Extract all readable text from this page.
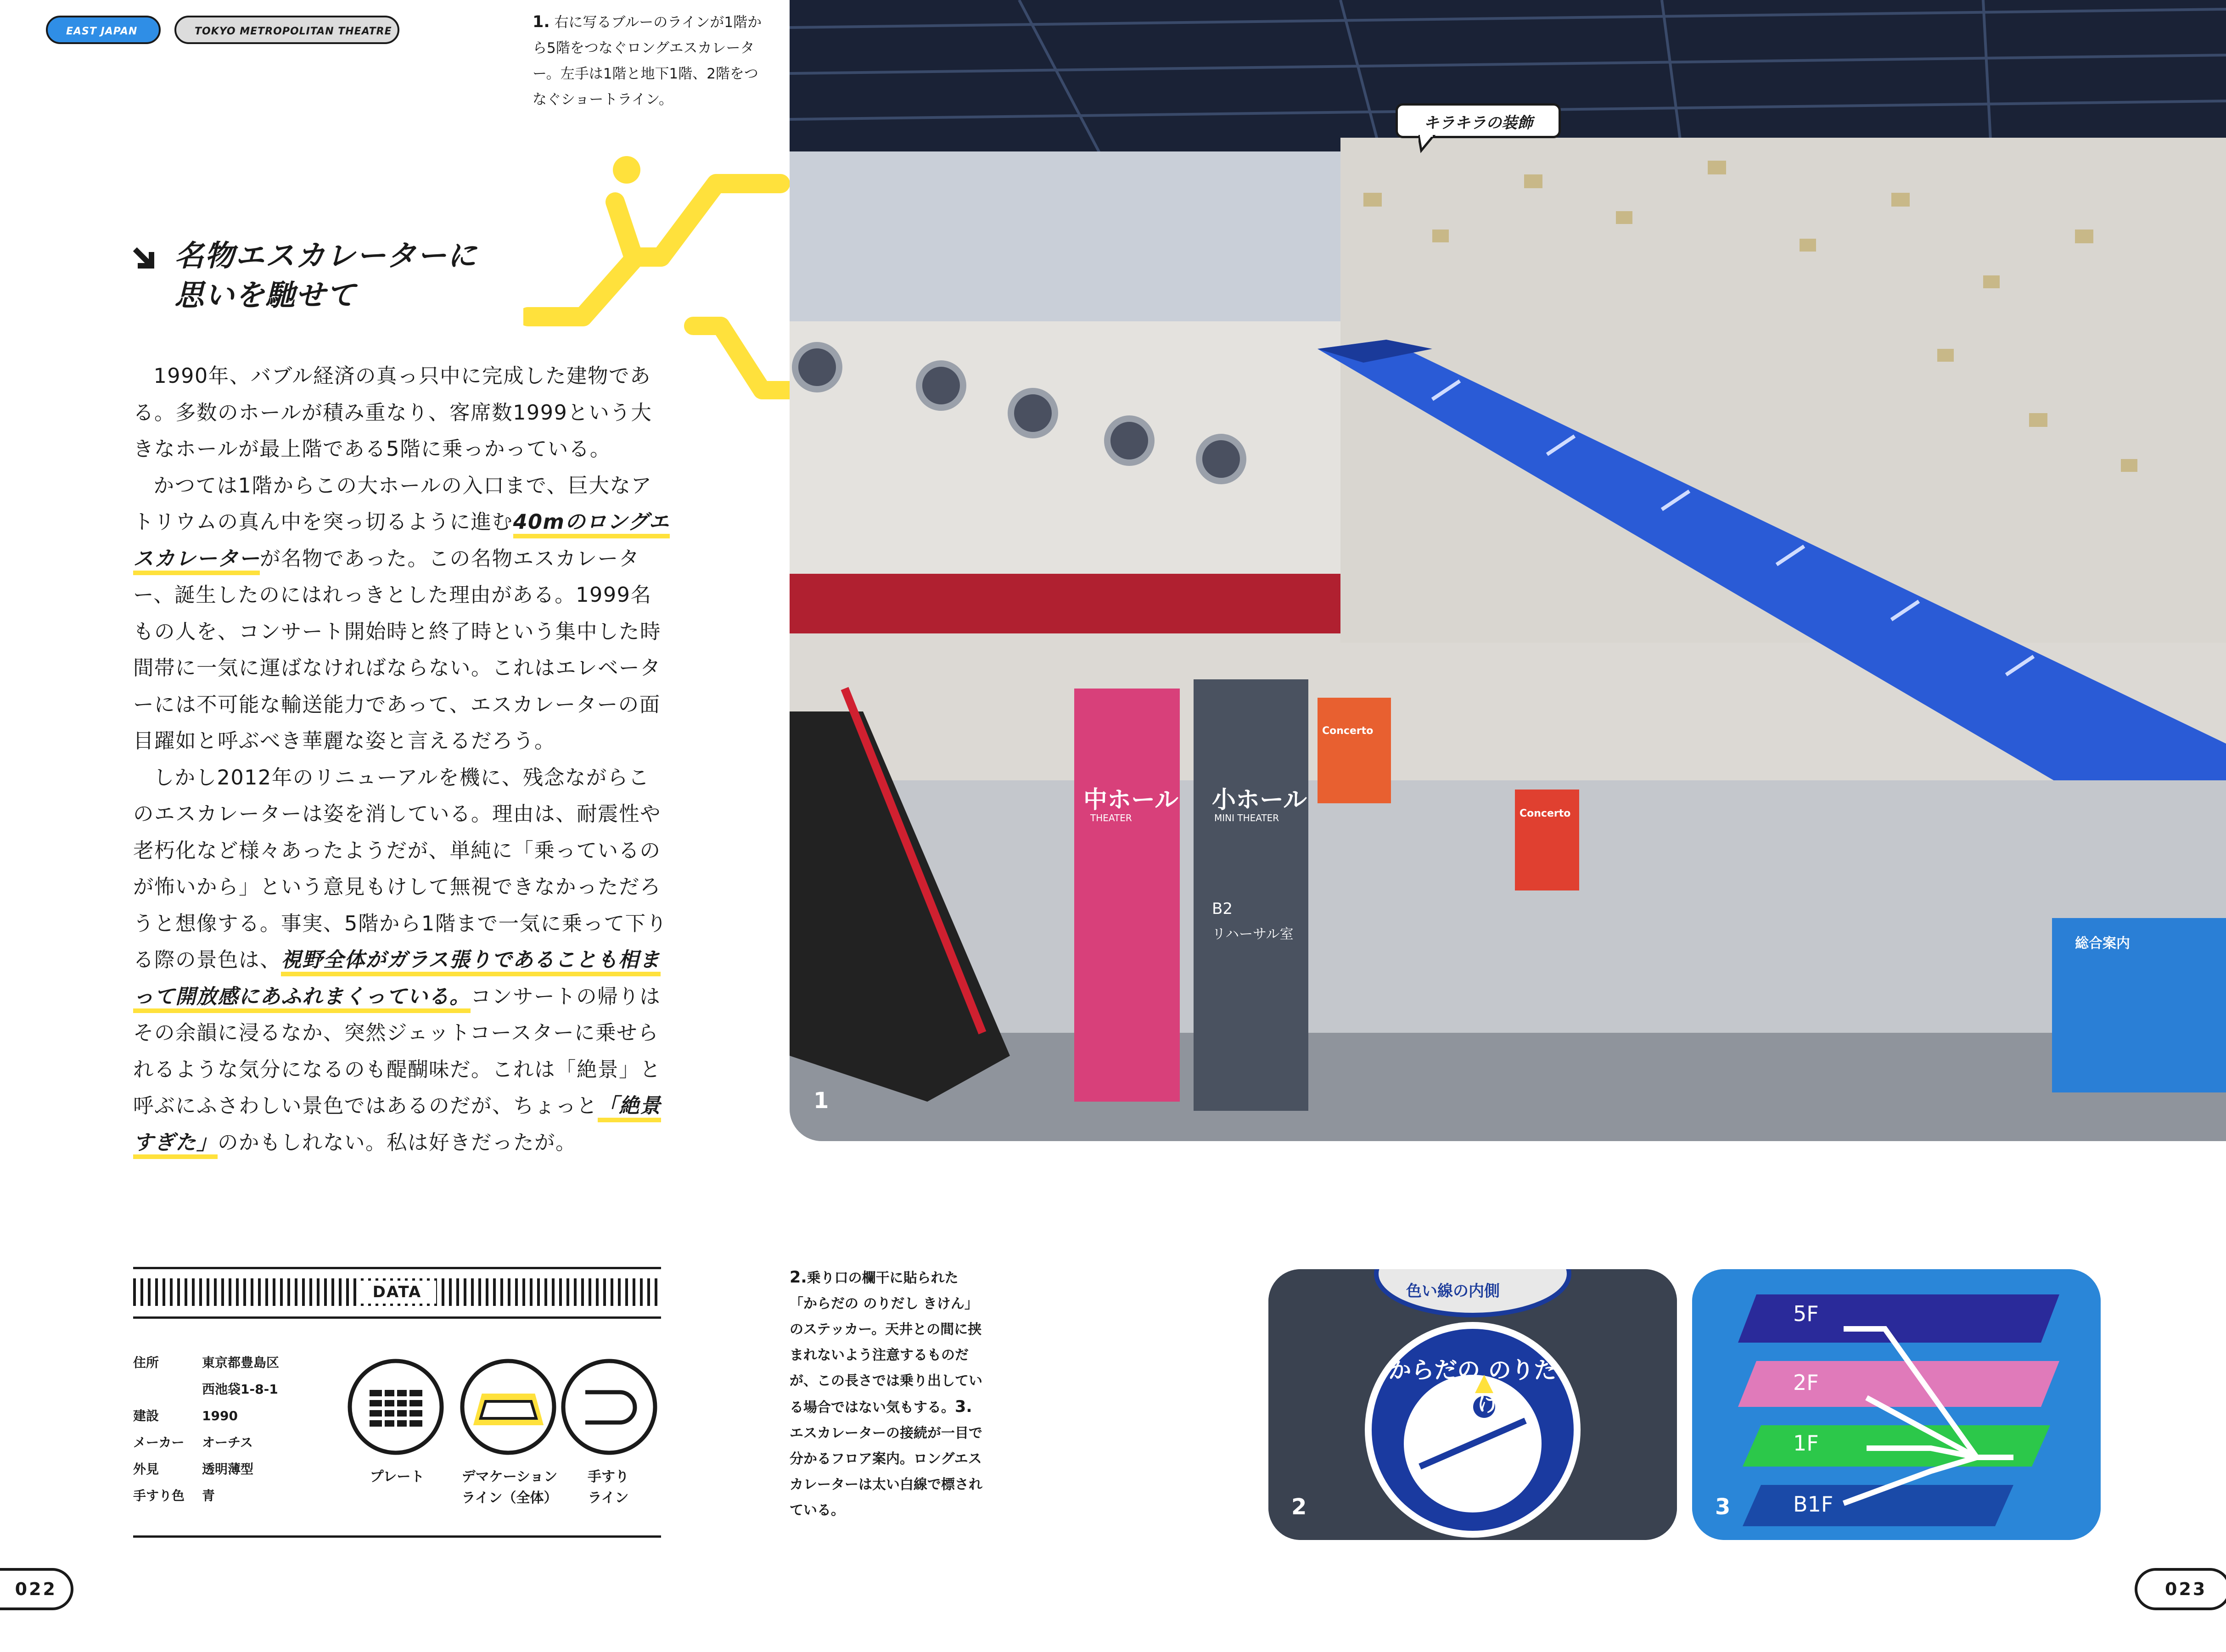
EAST JAPAN	TOKYO METROPOLITAN THEATRE
1. 右に写るブルーのラインが1階から5階をつなぐロングエスカレーター。左手は1階と地下1階、2階をつなぐショートライン。
名物エスカレーターに
思いを馳せて

1990年、バブル経済の真っ只中に完成した建物である。多数のホールが積み重なり、客席数1999という大きなホールが最上階である5階に乗っかっている。

かつては1階からこの大ホールの入口まで、巨大なアトリウムの真ん中を突っ切るように進む40mのロングエスカレーターが名物であった。この名物エスカレーター、誕生したのにはれっきとした理由がある。1999名もの人を、コンサート開始時と終了時という集中した時間帯に一気に運ばなければならない。これはエレベーターには不可能な輸送能力であって、エスカレーターの面目躍如と呼ぶべき華麗な姿と言えるだろう。

しかし2012年のリニューアルを機に、残念ながらこのエスカレーターは姿を消している。理由は、耐震性や老朽化など様々あったようだが、単純に「乗っているのが怖いから」という意見もけして無視できなかっただろうと想像する。事実、5階から1階まで一気に乗って下りる際の景色は、視野全体がガラス張りであることも相まって開放感にあふれまくっている。コンサートの帰りはその余韻に浸るなか、突然ジェットコースターに乗せられるような気分になるのも醍醐味だ。これは「絶景」と呼ぶにふさわしい景色ではあるのだが、ちょっと「絶景すぎた」のかもしれない。私は好きだったが。

中ホール
THEATER
小ホール
MINI THEATER
B2
リハーサル室
Concerto
Concerto
総合案内
1
キラキラの装飾
DATA
住所	東京都豊島区
西池袋1-8-1
建設	1990
メーカー	オーチス
外見	透明薄型
手すり色	青
プレート	デマケーション
ライン（全体）
手すり
ライン
2.乗り口の欄干に貼られた「からだの のりだし きけん」のステッカー。天井との間に挟まれないよう注意するものだが、この長さでは乗り出している場合ではない気もする。3.エスカレーターの接続が一目で分かるフロア案内。ロングエスカレーターは太い白線で標されている。
色い線の内側
からだの のりだし きけん
2
5F
2F
1F
B1F
3
022	023
